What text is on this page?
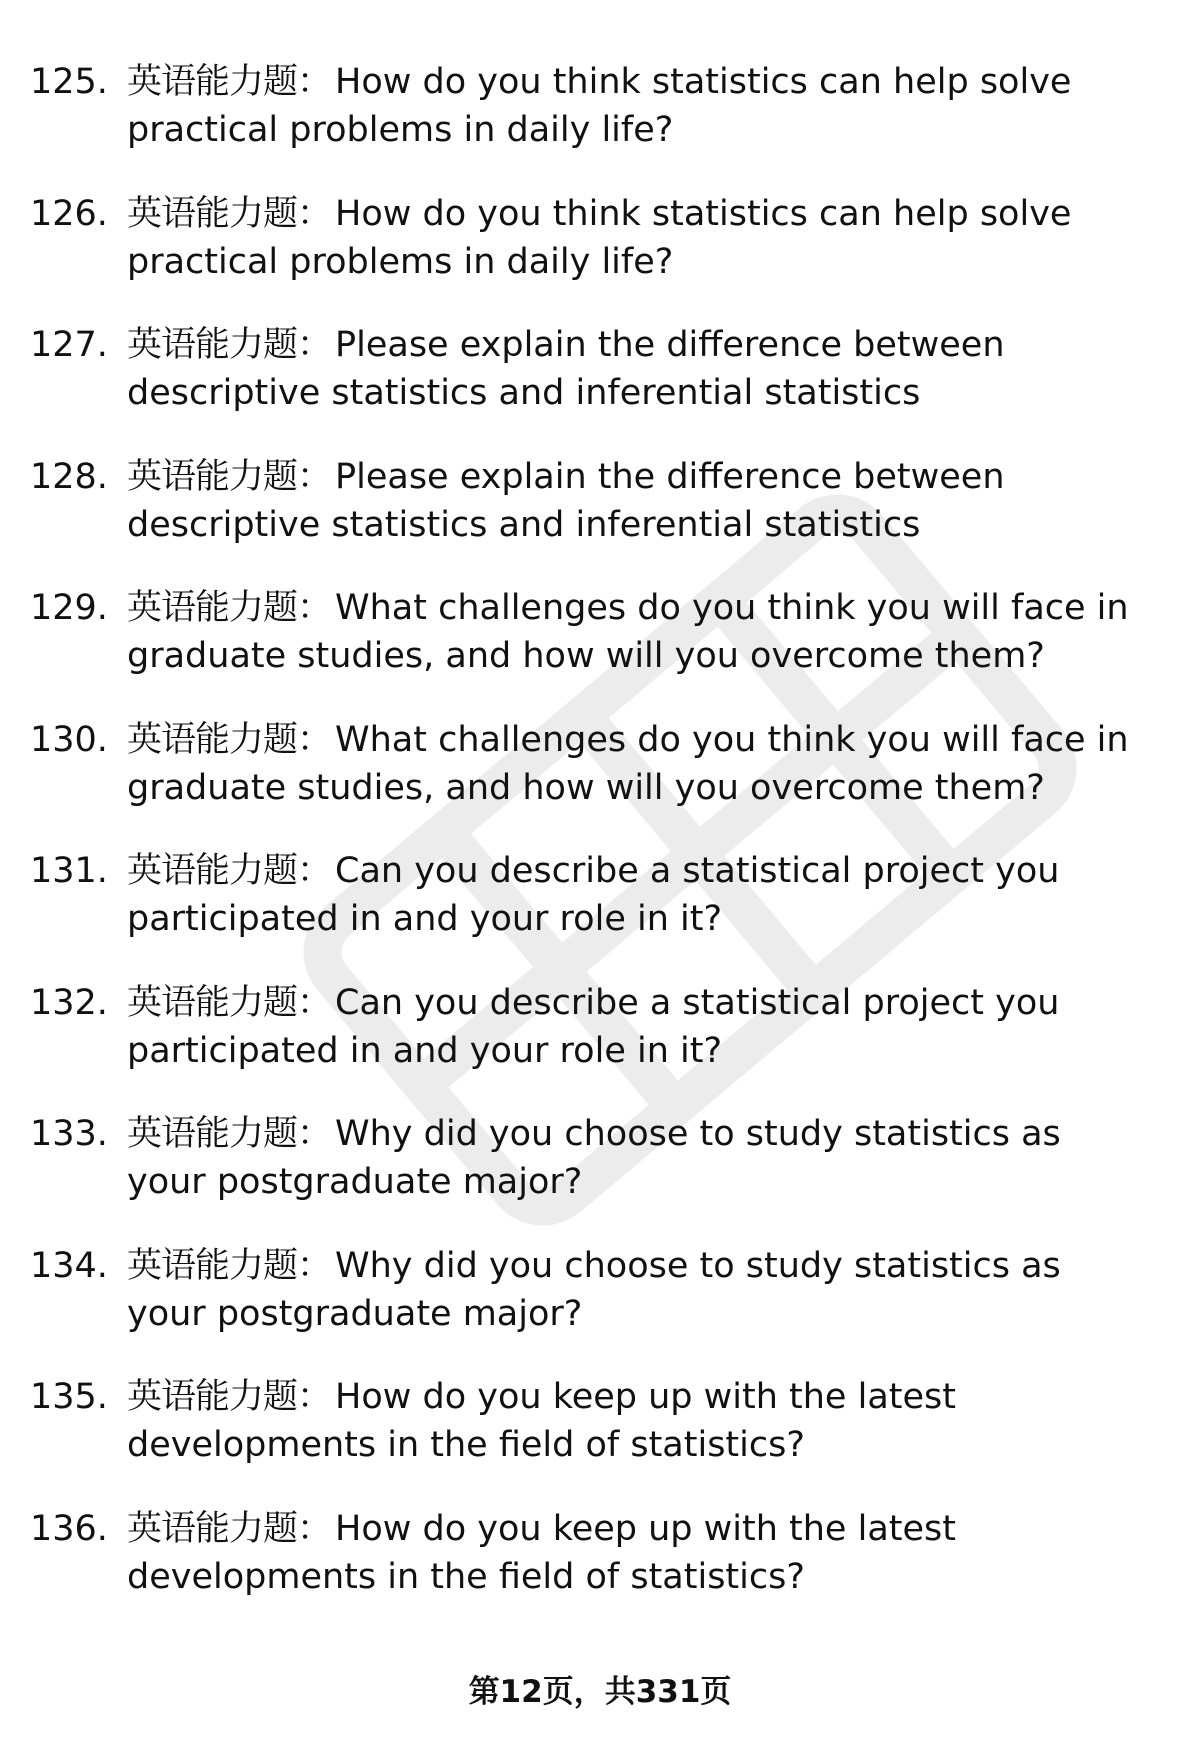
125. 英语能力题： How do you think statistics can help solve practical problems in daily life?
126. 英语能力题： How do you think statistics can help solve practical problems in daily life?
127. 英语能力题： Please explain the difference between descriptive statistics and inferential statistics
128. 英语能力题： Please explain the difference between descriptive statistics and inferential statistics
129. 英语能力题： What challenges do you think you will face in graduate studies, and how will you overcome them?
130. 英语能力题： What challenges do you think you will face in graduate studies, and how will you overcome them?
131. 英语能力题： Can you describe a statistical project you participated in and your role in it?
132. 英语能力题： Can you describe a statistical project you participated in and your role in it?
133. 英语能力题： Why did you choose to study statistics as your postgraduate major?
134. 英语能力题： Why did you choose to study statistics as your postgraduate major?
135. 英语能力题： How do you keep up with the latest developments in the field of statistics?
136. 英语能力题： How do you keep up with the latest developments in the field of statistics?
第12页，共331页
